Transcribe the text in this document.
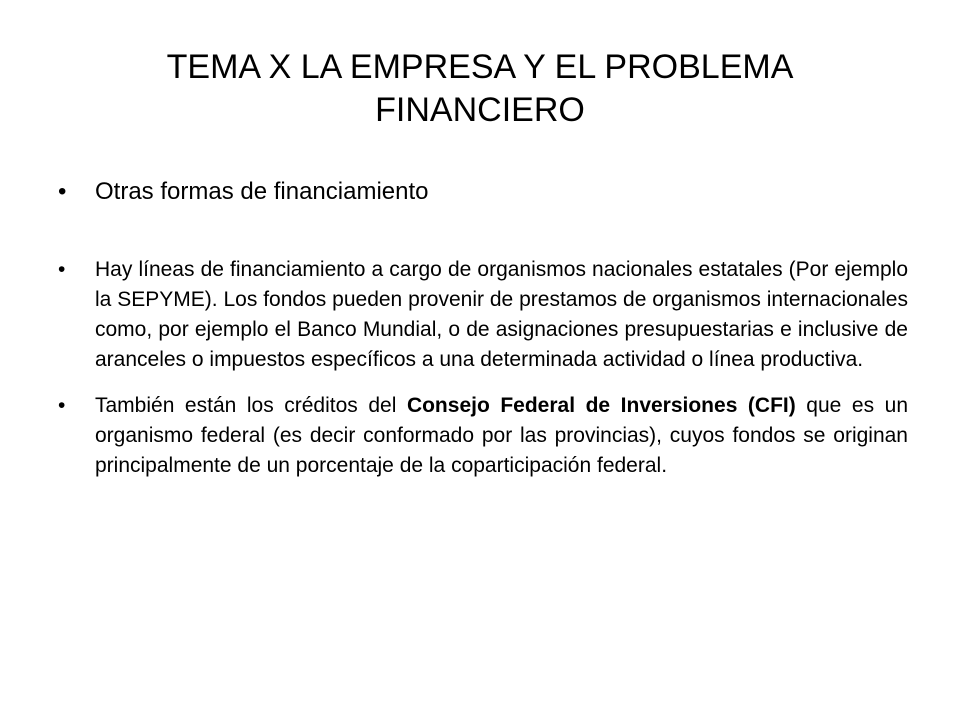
TEMA X LA EMPRESA Y EL PROBLEMA FINANCIERO
•	Otras formas de financiamiento
•	Hay líneas de financiamiento a cargo de organismos nacionales estatales (Por ejemplo la SEPYME). Los fondos pueden provenir de prestamos de organismos internacionales como, por ejemplo el Banco Mundial, o de asignaciones presupuestarias e inclusive de aranceles o impuestos específicos a una determinada actividad o línea productiva.
•	También están los créditos del Consejo Federal de Inversiones (CFI) que es un organismo federal (es decir conformado por las provincias), cuyos fondos se originan principalmente de un porcentaje de la coparticipación federal.
